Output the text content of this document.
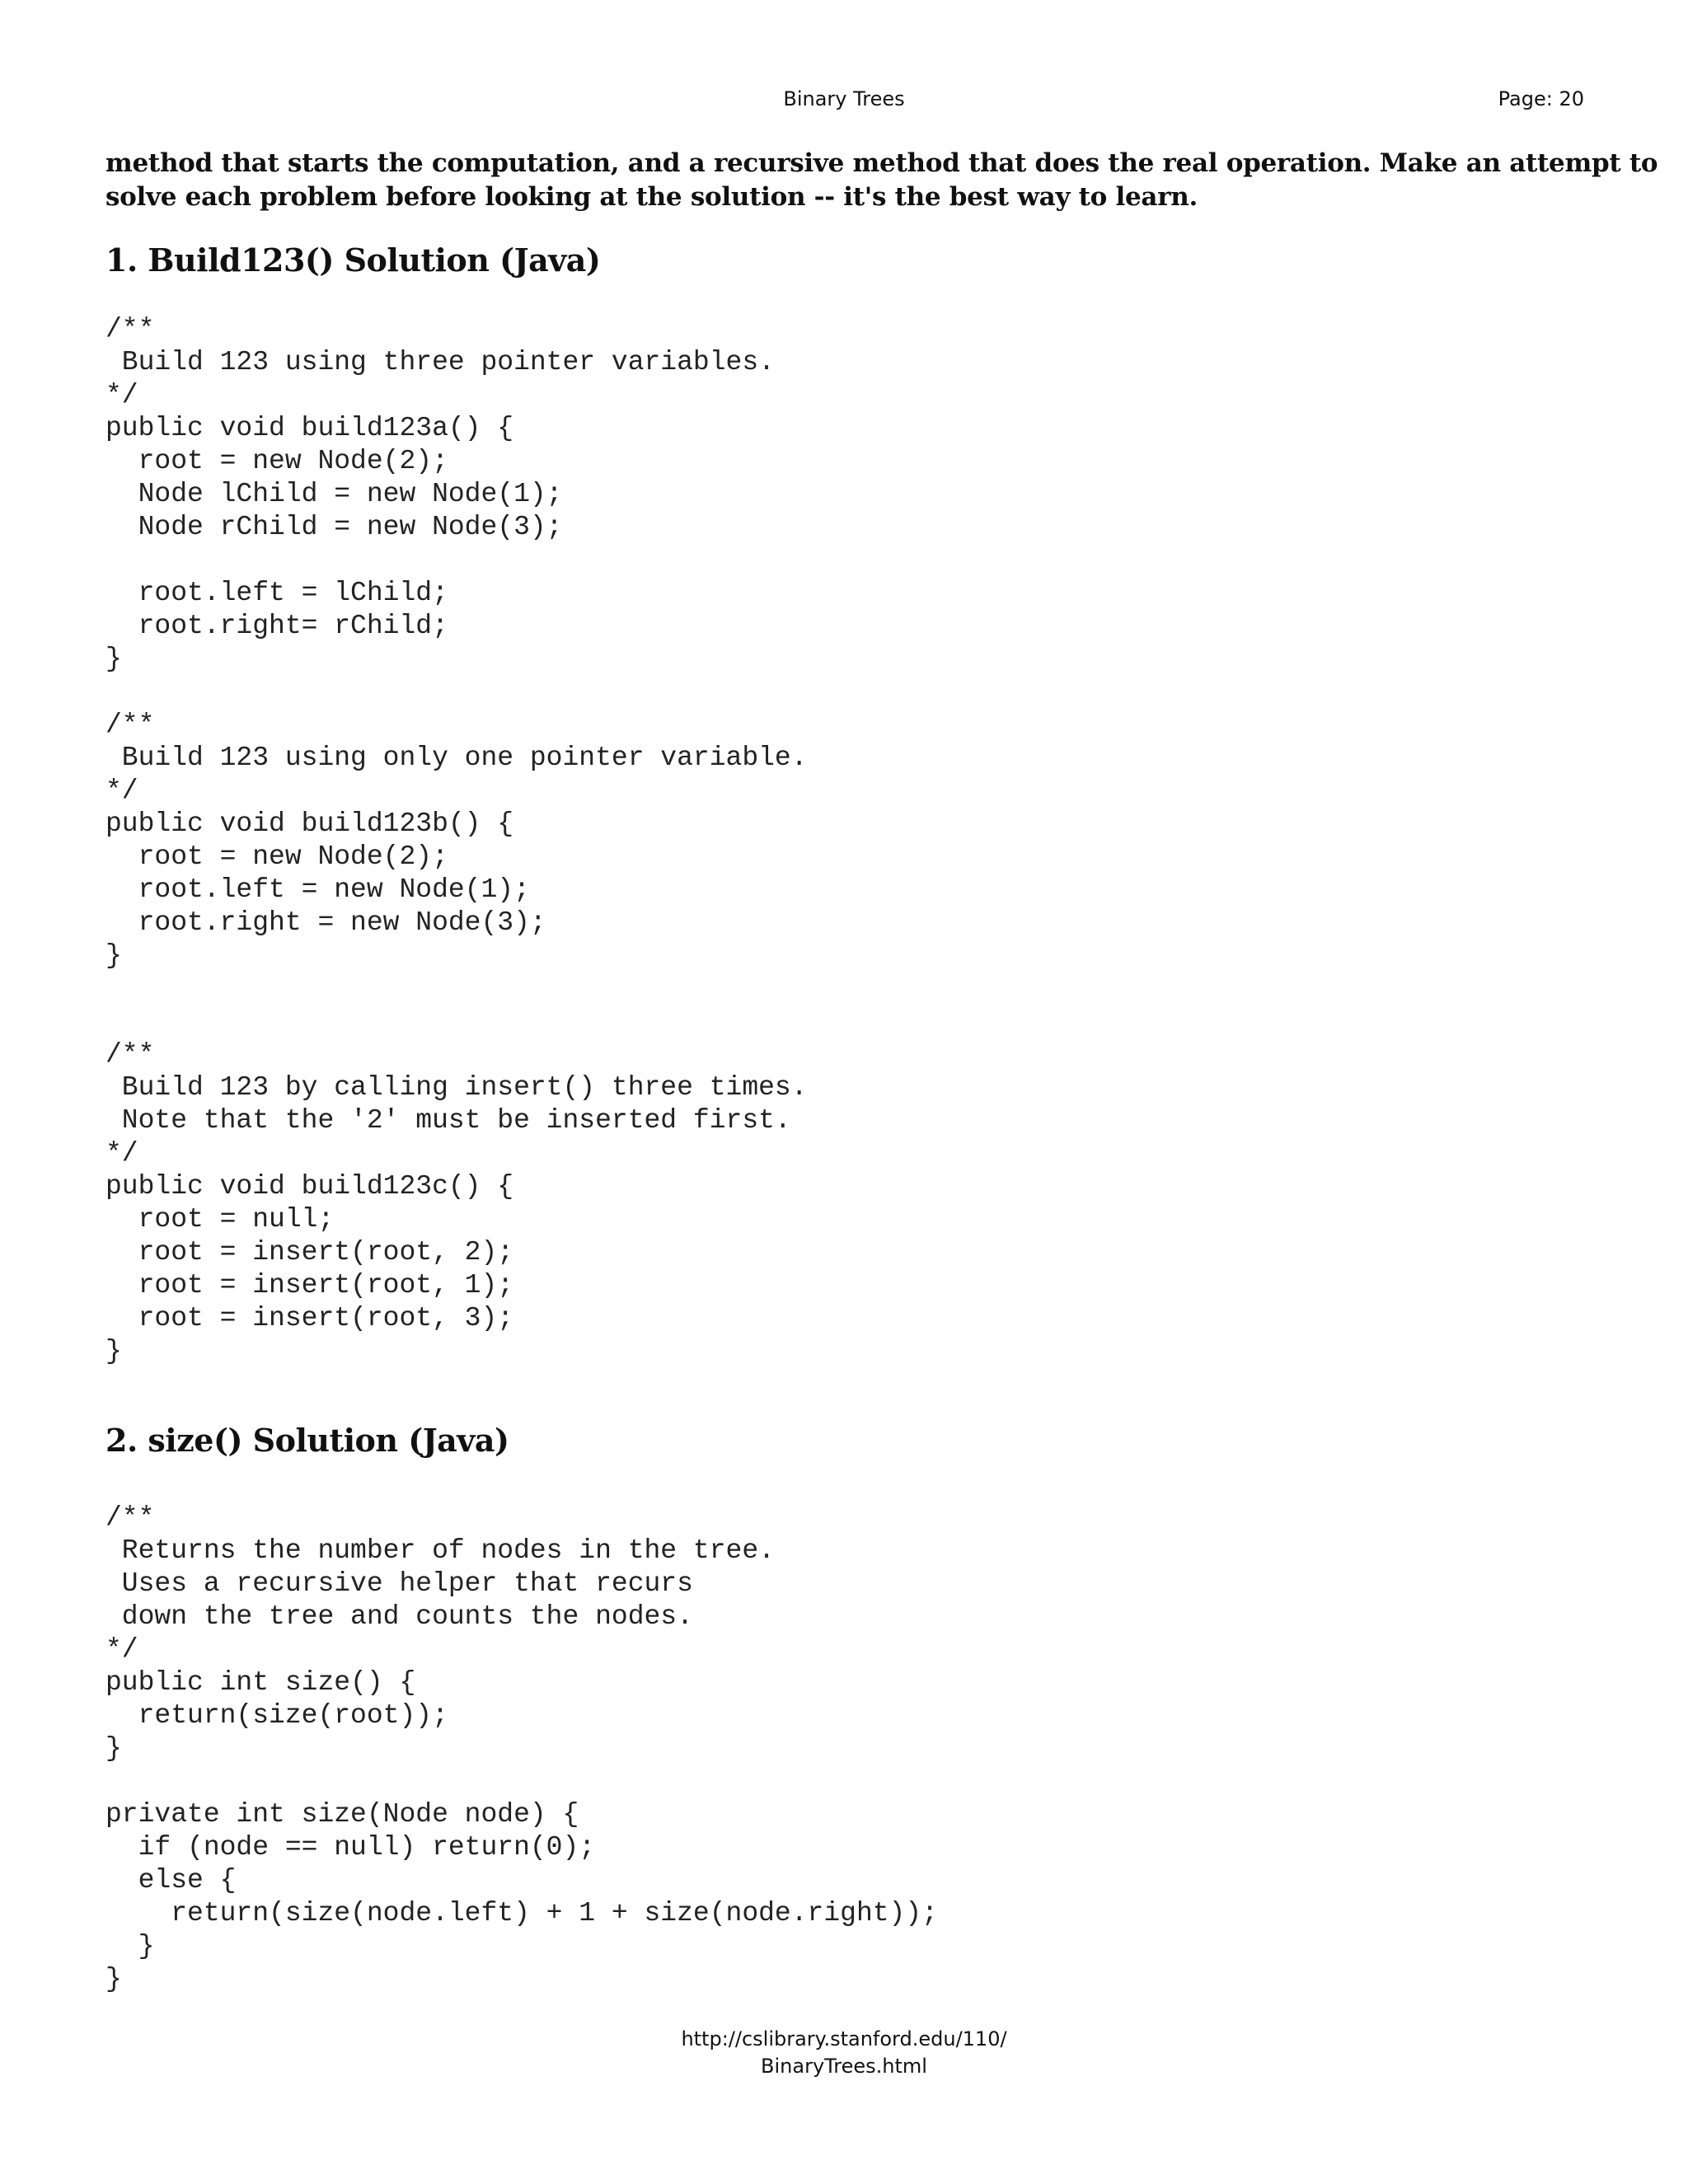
Binary Trees	Page: 20

method that starts the computation, and a recursive method that does the real operation. Make an attempt to
solve each problem before looking at the solution -- it's the best way to learn.

1. Build123() Solution (Java)
/**
Build 123 using three pointer variables.
*/
public void build123a() {
root = new Node(2);
Node lChild = new Node(1);
Node rChild = new Node(3);
root.left = lChild;
root.right= rChild;
}
/**
Build 123 using only one pointer variable.
*/
public void build123b() {
root = new Node(2);
root.left = new Node(1);
root.right = new Node(3);
}
/**
Build 123 by calling insert() three times.
Note that the '2' must be inserted first.
*/
public void build123c() {
root = null;
root = insert(root, 2);
root = insert(root, 1);
root = insert(root, 3);
}
2. size() Solution (Java)
/**
Returns the number of nodes in the tree.
Uses a recursive helper that recurs
down the tree and counts the nodes.
*/
public int size() {
return(size(root));
}
private int size(Node node) {
if (node == null) return(0);
else {
return(size(node.left) + 1 + size(node.right));
}
}
http://cslibrary.stanford.edu/110/
BinaryTrees.html
